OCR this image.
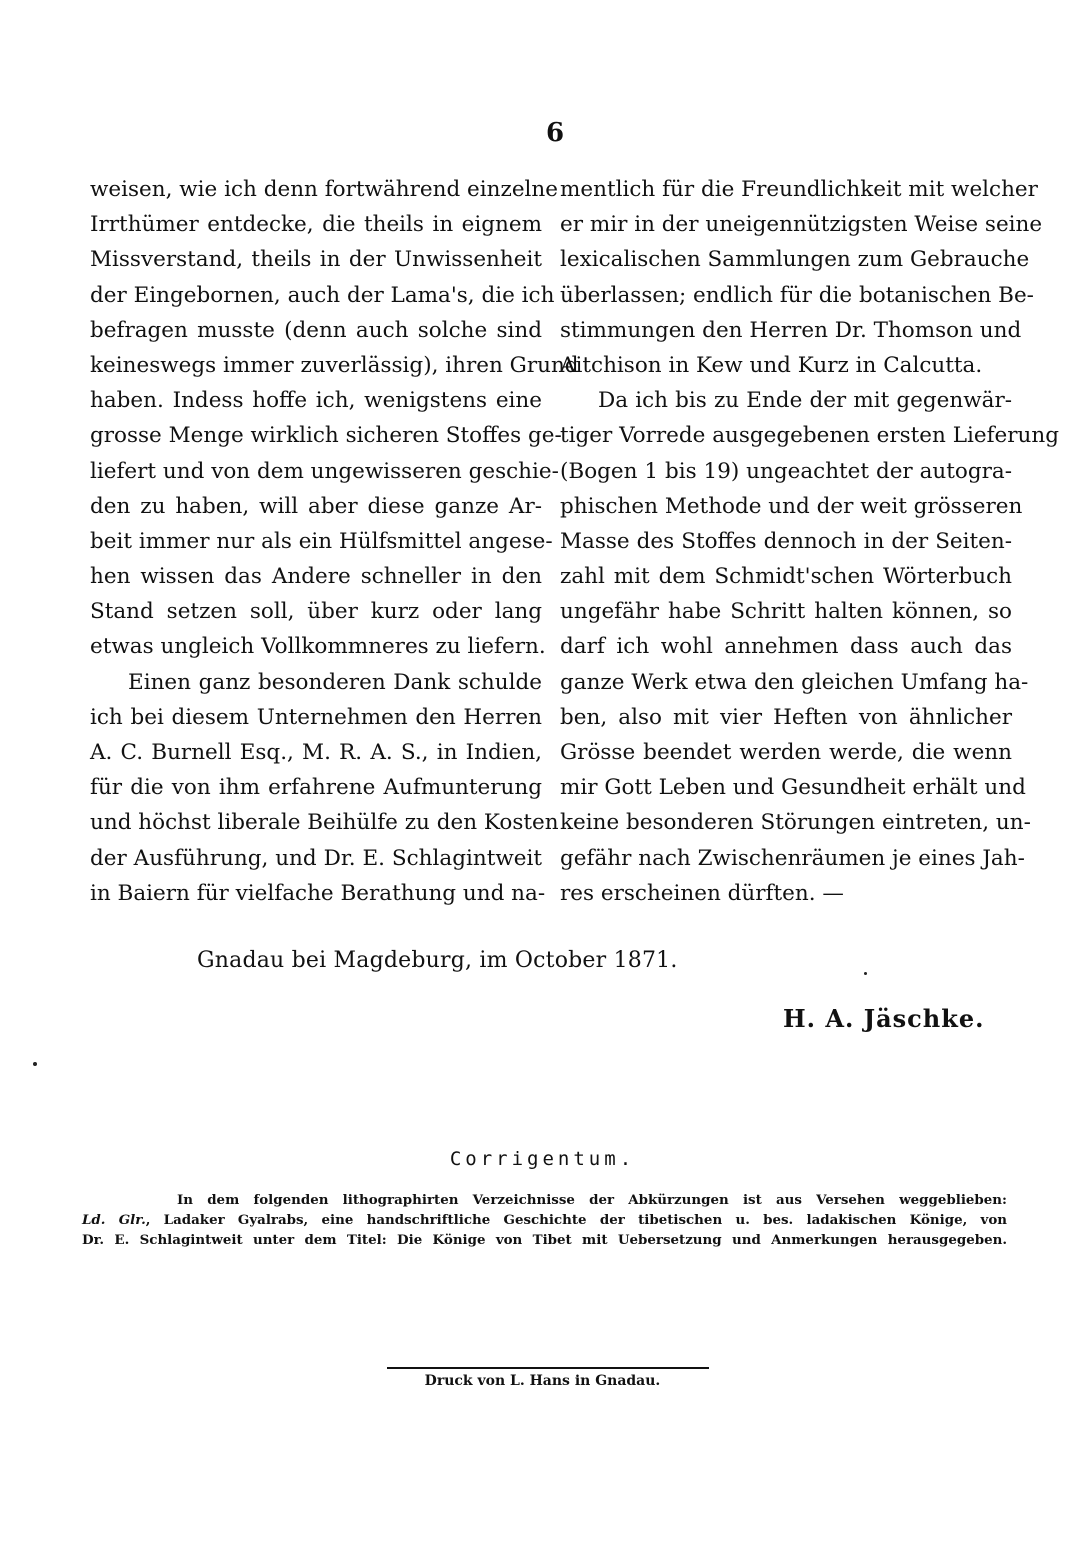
6
weisen, wie ich denn fortwährend einzelne
Irrthümer entdecke, die theils in eignem
Missverstand, theils in der Unwissenheit
der Eingebornen, auch der Lama's, die ich
befragen musste (denn auch solche sind
keineswegs immer zuverlässig), ihren Grund
haben. Indess hoffe ich, wenigstens eine
grosse Menge wirklich sicheren Stoffes ge-
liefert und von dem ungewisseren geschie-
den zu haben, will aber diese ganze Ar-
beit immer nur als ein Hülfsmittel angese-
hen wissen das Andere schneller in den
Stand setzen soll, über kurz oder lang
etwas ungleich Vollkommneres zu liefern.
Einen ganz besonderen Dank schulde
ich bei diesem Unternehmen den Herren
A. C. Burnell Esq., M. R. A. S., in Indien,
für die von ihm erfahrene Aufmunterung
und höchst liberale Beihülfe zu den Kosten
der Ausführung, und Dr. E. Schlagintweit
in Baiern für vielfache Berathung und na-
mentlich für die Freundlichkeit mit welcher
er mir in der uneigennützigsten Weise seine
lexicalischen Sammlungen zum Gebrauche
überlassen; endlich für die botanischen Be-
stimmungen den Herren Dr. Thomson und
Aitchison in Kew und Kurz in Calcutta.
Da ich bis zu Ende der mit gegenwär-
tiger Vorrede ausgegebenen ersten Lieferung
(Bogen 1 bis 19) ungeachtet der autogra-
phischen Methode und der weit grösseren
Masse des Stoffes dennoch in der Seiten-
zahl mit dem Schmidt'schen Wörterbuch
ungefähr habe Schritt halten können, so
darf ich wohl annehmen dass auch das
ganze Werk etwa den gleichen Umfang ha-
ben, also mit vier Heften von ähnlicher
Grösse beendet werden werde, die wenn
mir Gott Leben und Gesundheit erhält und
keine besonderen Störungen eintreten, un-
gefähr nach Zwischenräumen je eines Jah-
res erscheinen dürften. —
Gnadau bei Magdeburg, im October 1871.
H. A. Jäschke.
Corrigentum.
In dem folgenden lithographirten Verzeichnisse der Abkürzungen ist aus Versehen weggeblieben:
Ld. Glr., Ladaker Gyalrabs, eine handschriftliche Geschichte der tibetischen u. bes. ladakischen Könige, von
Dr. E. Schlagintweit unter dem Titel: Die Könige von Tibet mit Uebersetzung und Anmerkungen herausgegeben.
Druck von L. Hans in Gnadau.
